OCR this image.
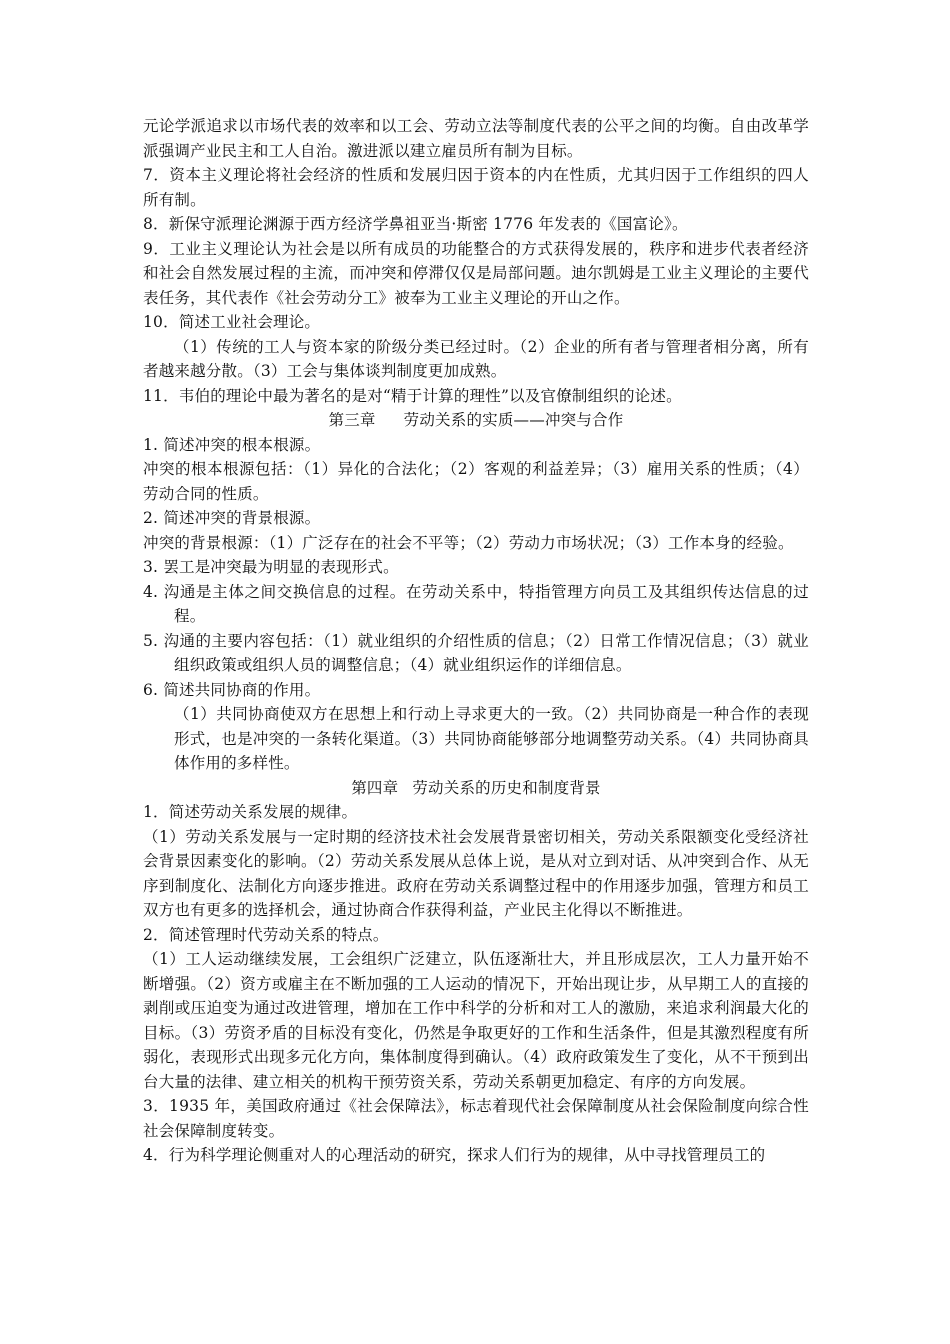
元论学派追求以市场代表的效率和以工会、劳动立法等制度代表的公平之间的均衡。自由改革学派强调产业民主和工人自治。激进派以建立雇员所有制为目标。

7．资本主义理论将社会经济的性质和发展归因于资本的内在性质，尤其归因于工作组织的四人所有制。

8．新保守派理论渊源于西方经济学鼻祖亚当·斯密 1776 年发表的《国富论》。

9．工业主义理论认为社会是以所有成员的功能整合的方式获得发展的，秩序和进步代表者经济和社会自然发展过程的主流，而冲突和停滞仅仅是局部问题。迪尔凯姆是工业主义理论的主要代表任务，其代表作《社会劳动分工》被奉为工业主义理论的开山之作。

10．简述工业社会理论。

（1）传统的工人与资本家的阶级分类已经过时。（2）企业的所有者与管理者相分离，所有者越来越分散。（3）工会与集体谈判制度更加成熟。

11．韦伯的理论中最为著名的是对“精于计算的理性”以及官僚制组织的论述。

第三章 劳动关系的实质——冲突与合作

1. 简述冲突的根本根源。

冲突的根本根源包括：（1）异化的合法化；（2）客观的利益差异；（3）雇用关系的性质；（4）劳动合同的性质。

2. 简述冲突的背景根源。

冲突的背景根源：（1）广泛存在的社会不平等；（2）劳动力市场状况；（3）工作本身的经验。

3. 罢工是冲突最为明显的表现形式。

4. 沟通是主体之间交换信息的过程。在劳动关系中，特指管理方向员工及其组织传达信息的过程。

5. 沟通的主要内容包括：（1）就业组织的介绍性质的信息；（2）日常工作情况信息；（3）就业组织政策或组织人员的调整信息；（4）就业组织运作的详细信息。

6. 简述共同协商的作用。

（1）共同协商使双方在思想上和行动上寻求更大的一致。（2）共同协商是一种合作的表现形式，也是冲突的一条转化渠道。（3）共同协商能够部分地调整劳动关系。（4）共同协商具体作用的多样性。

第四章 劳动关系的历史和制度背景

1．简述劳动关系发展的规律。

（1）劳动关系发展与一定时期的经济技术社会发展背景密切相关，劳动关系限额变化受经济社会背景因素变化的影响。（2）劳动关系发展从总体上说，是从对立到对话、从冲突到合作、从无序到制度化、法制化方向逐步推进。政府在劳动关系调整过程中的作用逐步加强，管理方和员工双方也有更多的选择机会，通过协商合作获得利益，产业民主化得以不断推进。

2．简述管理时代劳动关系的特点。

（1）工人运动继续发展，工会组织广泛建立，队伍逐渐壮大，并且形成层次，工人力量开始不断增强。（2）资方或雇主在不断加强的工人运动的情况下，开始出现让步，从早期工人的直接的剥削或压迫变为通过改进管理，增加在工作中科学的分析和对工人的激励，来追求利润最大化的目标。（3）劳资矛盾的目标没有变化，仍然是争取更好的工作和生活条件，但是其激烈程度有所弱化，表现形式出现多元化方向，集体制度得到确认。（4）政府政策发生了变化，从不干预到出台大量的法律、建立相关的机构干预劳资关系，劳动关系朝更加稳定、有序的方向发展。

3．1935 年，美国政府通过《社会保障法》，标志着现代社会保障制度从社会保险制度向综合性社会保障制度转变。

4．行为科学理论侧重对人的心理活动的研究，探求人们行为的规律，从中寻找管理员工的
